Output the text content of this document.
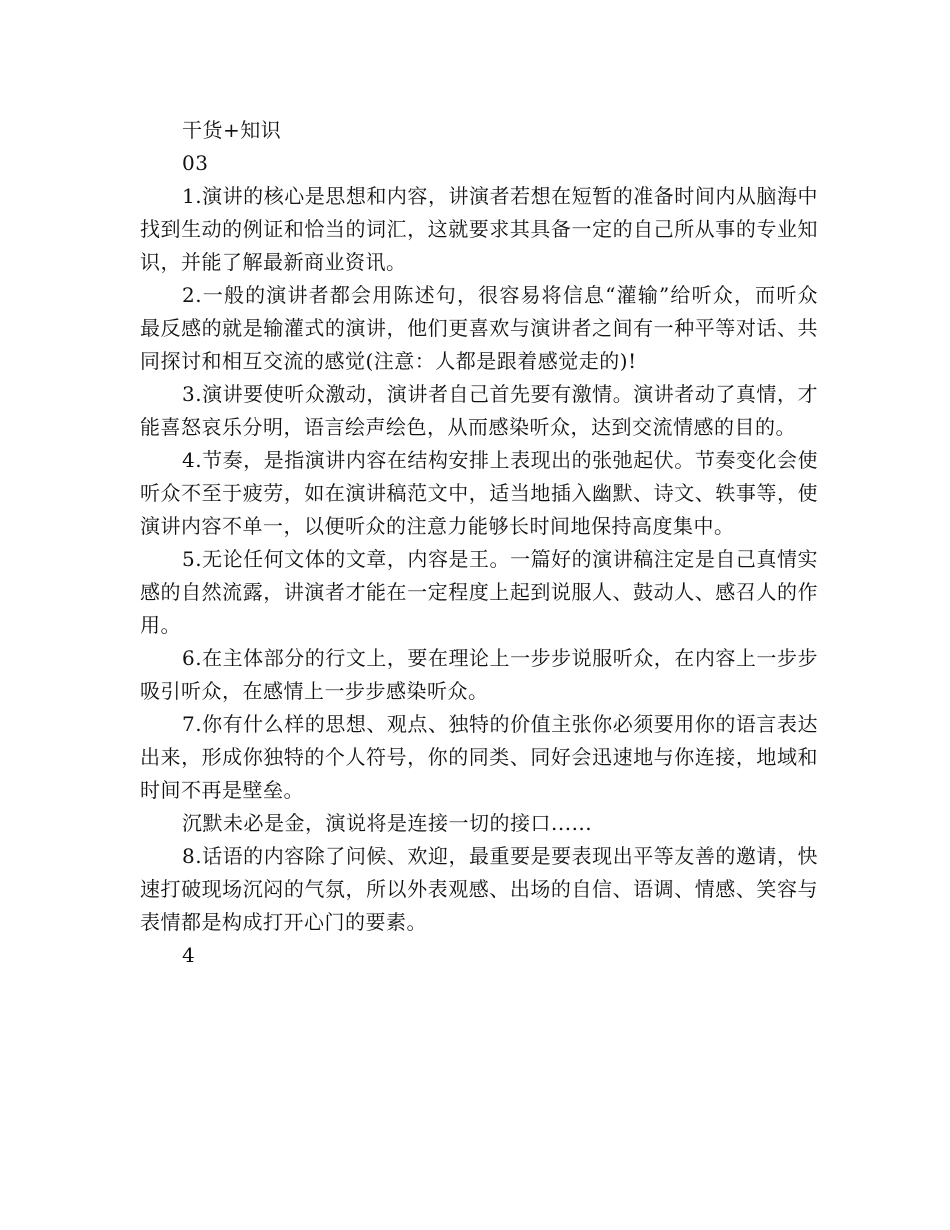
干货+知识

03

1.演讲的核心是思想和内容，讲演者若想在短暂的准备时间内从脑海中找到生动的例证和恰当的词汇，这就要求其具备一定的自己所从事的专业知识，并能了解最新商业资讯。

2.一般的演讲者都会用陈述句，很容易将信息“灌输”给听众，而听众最反感的就是输灌式的演讲，他们更喜欢与演讲者之间有一种平等对话、共同探讨和相互交流的感觉(注意：人都是跟着感觉走的)!

3.演讲要使听众激动，演讲者自己首先要有激情。演讲者动了真情，才能喜怒哀乐分明，语言绘声绘色，从而感染听众，达到交流情感的目的。

4.节奏，是指演讲内容在结构安排上表现出的张弛起伏。节奏变化会使听众不至于疲劳，如在演讲稿范文中，适当地插入幽默、诗文、轶事等，使演讲内容不单一，以便听众的注意力能够长时间地保持高度集中。

5.无论任何文体的文章，内容是王。一篇好的演讲稿注定是自己真情实感的自然流露，讲演者才能在一定程度上起到说服人、鼓动人、感召人的作用。

6.在主体部分的行文上，要在理论上一步步说服听众，在内容上一步步吸引听众，在感情上一步步感染听众。

7.你有什么样的思想、观点、独特的价值主张你必须要用你的语言表达出来，形成你独特的个人符号，你的同类、同好会迅速地与你连接，地域和时间不再是壁垒。

沉默未必是金，演说将是连接一切的接口......

8.话语的内容除了问候、欢迎，最重要是要表现出平等友善的邀请，快速打破现场沉闷的气氛，所以外表观感、出场的自信、语调、情感、笑容与表情都是构成打开心门的要素。

4
